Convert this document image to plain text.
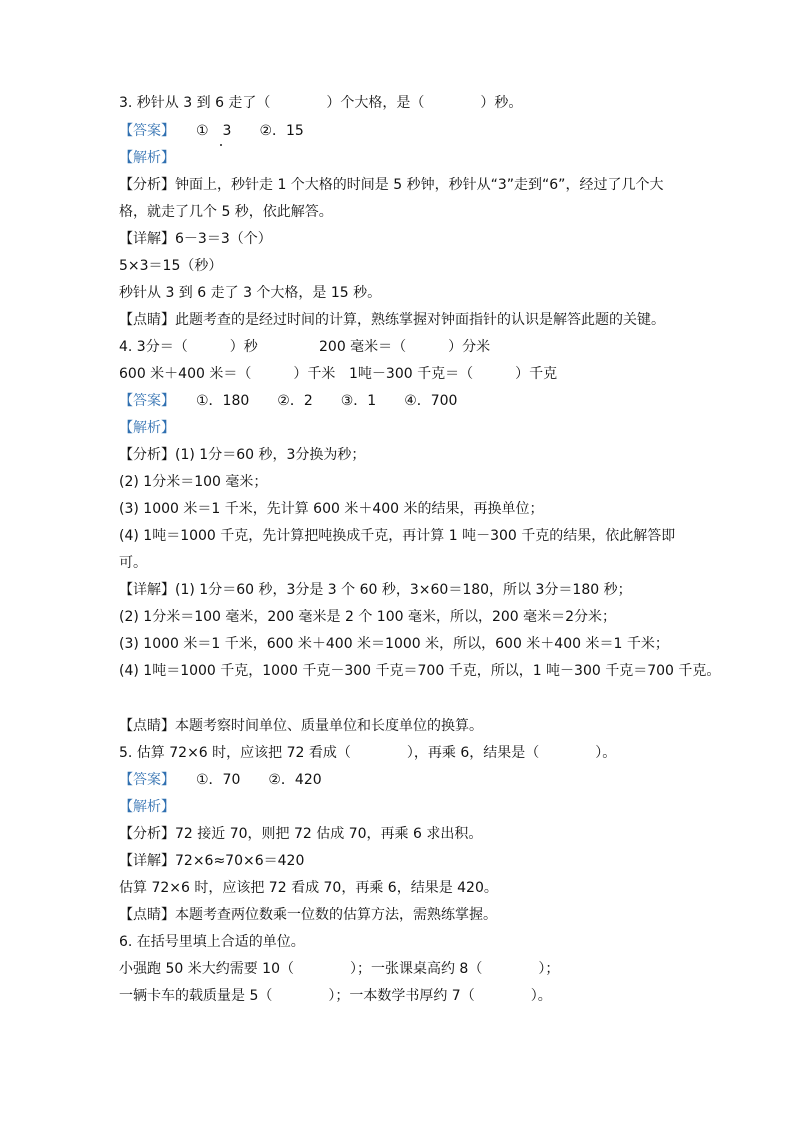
3. 秒针从 3 到 6 走了（　　　　）个大格，是（　　　　）秒。
【答案】　　①　3　　②．15
【解析】
【分析】钟面上，秒针走 1 个大格的时间是 5 秒钟，秒针从“3”走到“6”，经过了几个大
格，就走了几个 5 秒，依此解答。
【详解】6－3＝3（个）
5×3＝15（秒）
秒针从 3 到 6 走了 3 个大格，是 15 秒。
【点睛】此题考查的是经过时间的计算，熟练掌握对钟面指针的认识是解答此题的关键。
4. 3分＝（　　　）秒	200 毫米＝（　　　）分米
600 米＋400 米＝（　　　）千米 1吨－300 千克＝（　　　）千克
【答案】　　①．180　　②．2　　③．1　　④．700
【解析】
【分析】(1) 1分＝60 秒，3分换为秒；
(2) 1分米＝100 毫米；
(3) 1000 米＝1 千米，先计算 600 米＋400 米的结果，再换单位；
(4) 1吨＝1000 千克，先计算把吨换成千克，再计算 1 吨－300 千克的结果，依此解答即
可。
【详解】(1) 1分＝60 秒，3分是 3 个 60 秒，3×60＝180，所以 3分＝180 秒；
(2) 1分米＝100 毫米，200 毫米是 2 个 100 毫米，所以，200 毫米＝2分米；
(3) 1000 米＝1 千米，600 米＋400 米＝1000 米，所以，600 米＋400 米＝1 千米；
(4) 1吨＝1000 千克，1000 千克－300 千克＝700 千克，所以，1 吨－300 千克＝700 千克。
【点睛】本题考察时间单位、质量单位和长度单位的换算。
5. 估算 72×6 时，应该把 72 看成（　　　　），再乘 6，结果是（　　　　）。
【答案】　　①．70　　②．420
【解析】
【分析】72 接近 70，则把 72 估成 70，再乘 6 求出积。
【详解】72×6≈70×6＝420
估算 72×6 时，应该把 72 看成 70，再乘 6，结果是 420。
【点睛】本题考查两位数乘一位数的估算方法，需熟练掌握。
6. 在括号里填上合适的单位。
小强跑 50 米大约需要 10（　　　　）；一张课桌高约 8（　　　　）；
一辆卡车的载质量是 5（　　　　）；一本数学书厚约 7（　　　　）。
